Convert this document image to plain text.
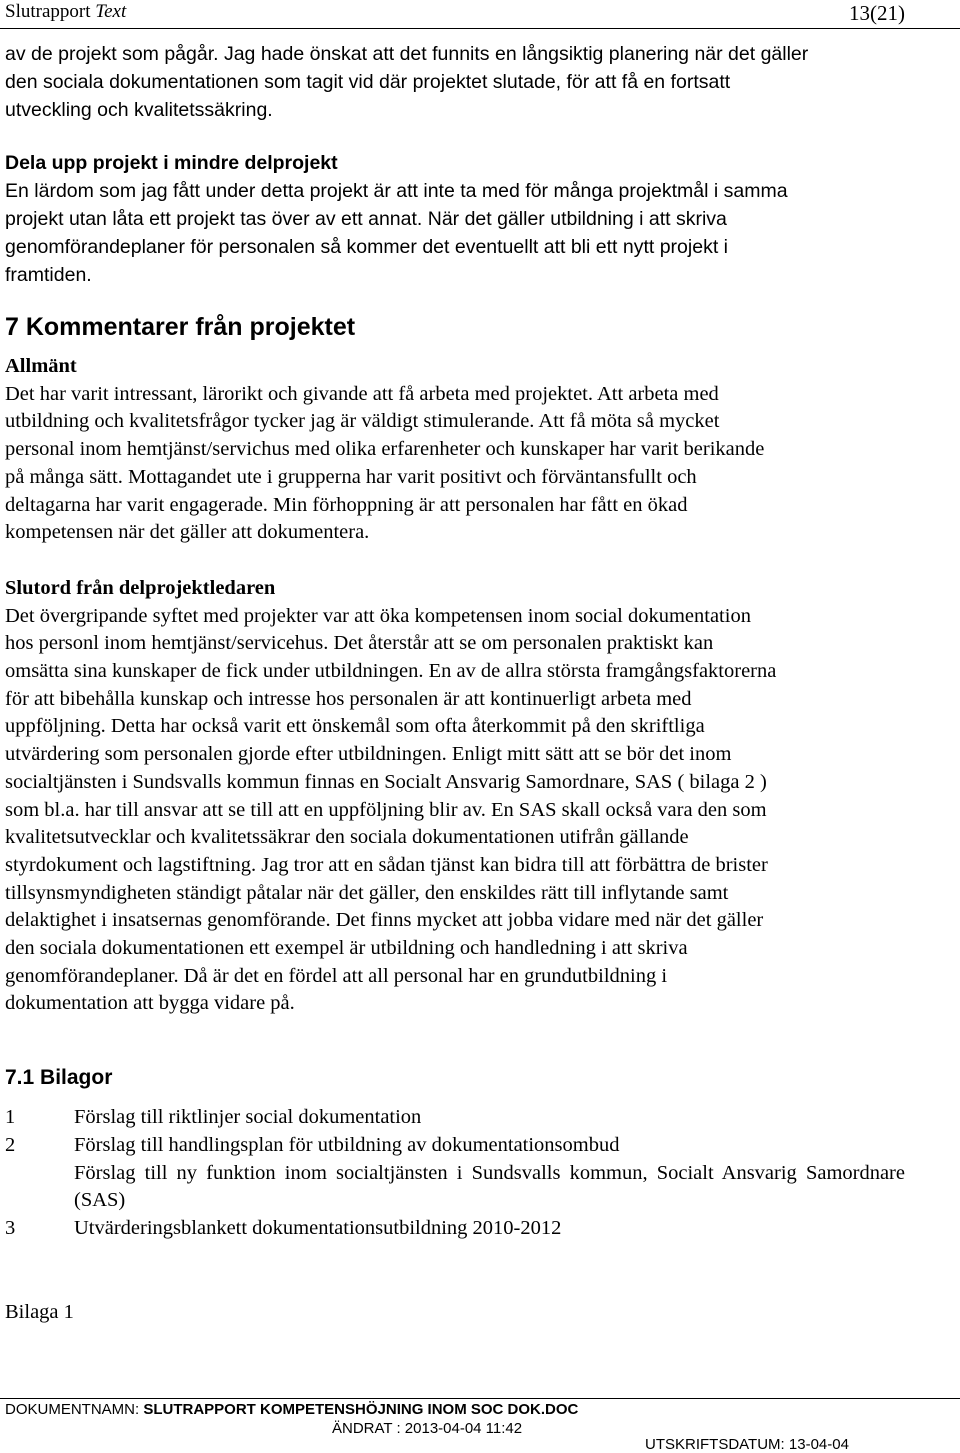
Slutrapport Text	13(21)

av de projekt som pågår. Jag hade önskat att det funnits en långsiktig planering när det gäller

den sociala dokumentationen som tagit vid där projektet slutade, för att få en fortsatt

utveckling och kvalitetssäkring.

Dela upp projekt i mindre delprojekt

En lärdom som jag fått under detta projekt är att inte ta med för många projektmål i samma

projekt utan låta ett projekt tas över av ett annat. När det gäller utbildning i att skriva

genomförandeplaner för personalen så kommer det eventuellt att bli ett nytt projekt i

framtiden.

7 Kommentarer från projektet

Allmänt

Det har varit intressant, lärorikt och givande att få arbeta med projektet. Att arbeta med

utbildning och kvalitetsfrågor tycker jag är väldigt stimulerande. Att få möta så mycket

personal inom hemtjänst/servichus med olika erfarenheter och kunskaper har varit berikande

på många sätt. Mottagandet ute i grupperna har varit positivt och förväntansfullt och

deltagarna har varit engagerade. Min förhoppning är att personalen har fått en ökad

kompetensen när det gäller att dokumentera.

Slutord från delprojektledaren

Det övergripande syftet med projekter var att öka kompetensen inom social dokumentation

hos personl inom hemtjänst/servicehus. Det återstår att se om personalen praktiskt kan

omsätta sina kunskaper de fick under utbildningen. En av de allra största framgångsfaktorerna

för att bibehålla kunskap och intresse hos personalen är att kontinuerligt arbeta med

uppföljning. Detta har också varit ett önskemål som ofta återkommit på den skriftliga

utvärdering som personalen gjorde efter utbildningen. Enligt mitt sätt att se bör det inom

socialtjänsten i Sundsvalls kommun finnas en Socialt Ansvarig Samordnare, SAS ( bilaga 2 )

som bl.a. har till ansvar att se till att en uppföljning blir av. En SAS skall också vara den som

kvalitetsutvecklar och kvalitetssäkrar den sociala dokumentationen utifrån gällande

styrdokument och lagstiftning. Jag tror att en sådan tjänst kan bidra till att förbättra de brister

tillsynsmyndigheten ständigt påtalar när det gäller, den enskildes rätt till inflytande samt

delaktighet i insatsernas genomförande. Det finns mycket att jobba vidare med när det gäller

den sociala dokumentationen ett exempel är utbildning och handledning i att skriva

genomförandeplaner. Då är det en fördel att all personal har en grundutbildning i

dokumentation att bygga vidare på.

7.1 Bilagor

1	Förslag till riktlinjer social dokumentation
2	Förslag till handlingsplan för utbildning av dokumentationsombud
Förslag till ny funktion inom socialtjänsten i Sundsvalls kommun, Socialt Ansvarig Samordnare (SAS)
3	Utvärderingsblankett dokumentationsutbildning 2010-2012

Bilaga 1

DOKUMENTNAMN: SLUTRAPPORT KOMPETENSHÖJNING INOM SOC DOK.DOC
ÄNDRAT : 2013-04-04 11:42
UTSKRIFTSDATUM: 13-04-04
